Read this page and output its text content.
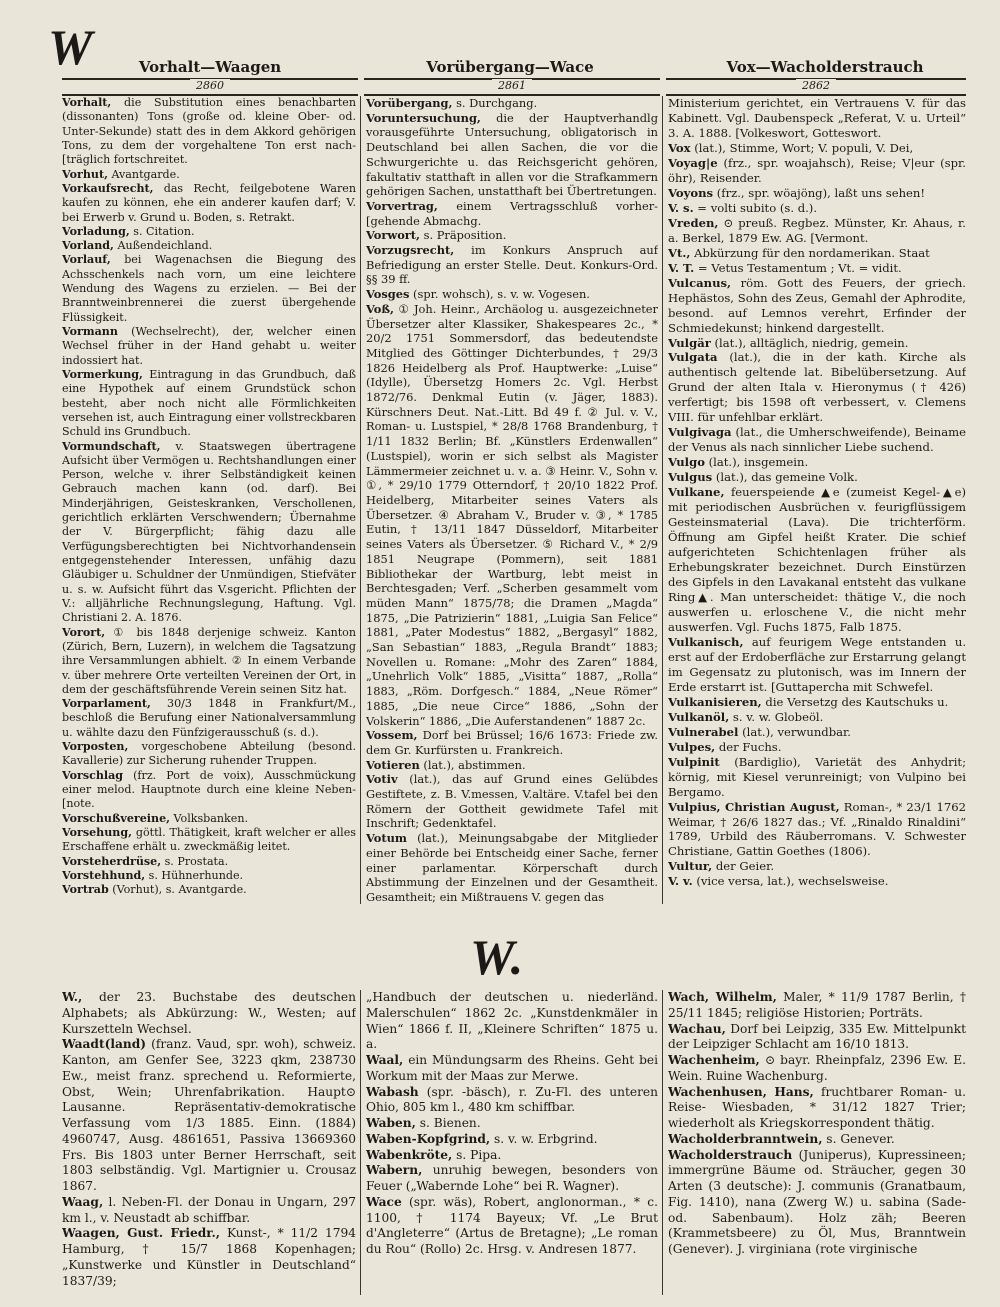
W	Vorhalt—Waagen	Vorübergang—Wace	Vox—Wacholderstrauch
2860	2861	2862

Vorhalt, die Substitution eines benachbarten (dissonanten) Tons (große od. kleine Ober- od. Unter-Sekunde) statt des in dem Akkord gehörigen Tons, zu dem der vorgehaltene Ton erst nach- [träglich fortschreitet.

Vorhut, Avantgarde.

Vorkaufsrecht, das Recht, feilgebotene Waren kaufen zu können, ehe ein anderer kaufen darf; V. bei Erwerb v. Grund u. Boden, s. Retrakt.

Vorladung, s. Citation.

Vorland, Außendeichland.

Vorlauf, bei Wagenachsen die Biegung des Achsschenkels nach vorn, um eine leichtere Wendung des Wagens zu erzielen. — Bei der Branntweinbrennerei die zuerst übergehende Flüssigkeit.

Vormann (Wechselrecht), der, welcher einen Wechsel früher in der Hand gehabt u. weiter indossiert hat.

Vormerkung, Eintragung in das Grundbuch, daß eine Hypothek auf einem Grundstück schon besteht, aber noch nicht alle Förmlichkeiten versehen ist, auch Eintragung einer vollstreckbaren Schuld ins Grundbuch.

Vormundschaft, v. Staatswegen übertragene Aufsicht über Vermögen u. Rechtshandlungen einer Person, welche v. ihrer Selbständigkeit keinen Gebrauch machen kann (od. darf). Bei Minderjährigen, Geisteskranken, Verschollenen, gerichtlich erklärten Verschwendern; Übernahme der V. Bürgerpflicht; fähig dazu alle Verfügungsberechtigten bei Nichtvorhandensein entgegenstehender Interessen, unfähig dazu Gläubiger u. Schuldner der Unmündigen, Stiefväter u. s. w. Aufsicht führt das V.sgericht. Pflichten der V.: alljährliche Rechnungslegung, Haftung. Vgl. Christiani 2. A. 1876.

Vorort, ① bis 1848 derjenige schweiz. Kanton (Zürich, Bern, Luzern), in welchem die Tagsatzung ihre Versammlungen abhielt. ② In einem Verbande v. über mehrere Orte verteilten Vereinen der Ort, in dem der geschäftsführende Verein seinen Sitz hat.

Vorparlament, 30/3 1848 in Frankfurt/M., beschloß die Berufung einer Nationalversammlung u. wählte dazu den Fünfzigerausschuß (s. d.).

Vorposten, vorgeschobene Abteilung (besond. Kavallerie) zur Sicherung ruhender Truppen.

Vorschlag (frz. Port de voix), Ausschmückung einer melod. Hauptnote durch eine kleine Neben- [note.

Vorschußvereine, Volksbanken.

Vorsehung, göttl. Thätigkeit, kraft welcher er alles Erschaffene erhält u. zweckmäßig leitet.

Vorsteherdrüse, s. Prostata.

Vorstehhund, s. Hühnerhunde.

Vortrab (Vorhut), s. Avantgarde.

Vorübergang, s. Durchgang.

Voruntersuchung, die der Hauptverhandlg vorausgeführte Untersuchung, obligatorisch in Deutschland bei allen Sachen, die vor die Schwurgerichte u. das Reichsgericht gehören, fakultativ statthaft in allen vor die Strafkammern gehörigen Sachen, unstatthaft bei Übertretungen.

Vorvertrag, einem Vertragsschluß vorher- [gehende Abmachg.

Vorwort, s. Präposition.

Vorzugsrecht, im Konkurs Anspruch auf Befriedigung an erster Stelle. Deut. Konkurs-Ord. §§ 39 ff.

Vosges (spr. wohsch), s. v. w. Vogesen.

Voß, ① Joh. Heinr., Archäolog u. ausgezeichneter Übersetzer alter Klassiker, Shakespeares 2c., * 20/2 1751 Sommersdorf, das bedeutendste Mitglied des Göttinger Dichterbundes, † 29/3 1826 Heidelberg als Prof. Hauptwerke: „Luise“ (Idylle), Übersetzg Homers 2c. Vgl. Herbst 1872/76. Denkmal Eutin (v. Jäger, 1883). Kürschners Deut. Nat.-Litt. Bd 49 f. ② Jul. v. V., Roman- u. Lustspiel, * 28/8 1768 Brandenburg, † 1/11 1832 Berlin; Bf. „Künstlers Erdenwallen“ (Lustspiel), worin er sich selbst als Magister Lämmermeier zeichnet u. v. a. ③ Heinr. V., Sohn v. ①, * 29/10 1779 Otterndorf, † 20/10 1822 Prof. Heidelberg, Mitarbeiter seines Vaters als Übersetzer. ④ Abraham V., Bruder v. ③, * 1785 Eutin, † 13/11 1847 Düsseldorf, Mitarbeiter seines Vaters als Übersetzer. ⑤ Richard V., * 2/9 1851 Neugrape (Pommern), seit 1881 Bibliothekar der Wartburg, lebt meist in Berchtesgaden; Verf. „Scherben gesammelt vom müden Mann“ 1875/78; die Dramen „Magda“ 1875, „Die Patrizierin“ 1881, „Luigia San Felice“ 1881, „Pater Modestus“ 1882, „Bergasyl“ 1882, „San Sebastian“ 1883, „Regula Brandt“ 1883; Novellen u. Romane: „Mohr des Zaren“ 1884, „Unehrlich Volk“ 1885, „Visitta“ 1887, „Rolla“ 1883, „Röm. Dorfgesch.“ 1884, „Neue Römer“ 1885, „Die neue Circe“ 1886, „Sohn der Volskerin“ 1886, „Die Auferstandenen“ 1887 2c.

Vossem, Dorf bei Brüssel; 16/6 1673: Friede zw. dem Gr. Kurfürsten u. Frankreich.

Votieren (lat.), abstimmen.

Votiv (lat.), das auf Grund eines Gelübdes Gestiftete, z. B. V.messen, V.altäre. V.tafel bei den Römern der Gottheit gewidmete Tafel mit Inschrift; Gedenktafel.

Votum (lat.), Meinungsabgabe der Mitglieder einer Behörde bei Entscheidg einer Sache, ferner einer parlamentar. Körperschaft durch Abstimmung der Einzelnen und der Gesamtheit. Gesamtheit; ein Mißtrauens V. gegen das

Ministerium gerichtet, ein Vertrauens V. für das Kabinett. Vgl. Daubenspeck „Referat, V. u. Urteil“ 3. A. 1888. [Volkeswort, Gotteswort.

Vox (lat.), Stimme, Wort; V. populi, V. Dei,

Voyag|e (frz., spr. woajahsch), Reise; V|eur (spr. öhr), Reisender.

Voyons (frz., spr. wöajöng), laßt uns sehen!

V. s. = volti subito (s. d.).

Vreden, ⊙ preuß. Regbez. Münster, Kr. Ahaus, r. a. Berkel, 1879 Ew. AG. [Vermont.

Vt., Abkürzung für den nordamerikan. Staat

V. T. = Vetus Testamentum ; Vt. = vidit.

Vulcanus, röm. Gott des Feuers, der griech. Hephästos, Sohn des Zeus, Gemahl der Aphrodite, besond. auf Lemnos verehrt, Erfinder der Schmiedekunst; hinkend dargestellt.

Vulgär (lat.), alltäglich, niedrig, gemein.

Vulgata (lat.), die in der kath. Kirche als authentisch geltende lat. Bibelübersetzung. Auf Grund der alten Itala v. Hieronymus († 426) verfertigt; bis 1598 oft verbessert, v. Clemens VIII. für unfehlbar erklärt.

Vulgivaga (lat., die Umherschweifende), Beiname der Venus als nach sinnlicher Liebe suchend.

Vulgo (lat.), insgemein.

Vulgus (lat.), das gemeine Volk.

Vulkane, feuerspeiende ▲e (zumeist Kegel-▲e) mit periodischen Ausbrüchen v. feurigflüssigem Gesteinsmaterial (Lava). Die trichterförm. Öffnung am Gipfel heißt Krater. Die schief aufgerichteten Schichtenlagen früher als Erhebungskrater bezeichnet. Durch Einstürzen des Gipfels in den Lavakanal entsteht das vulkane Ring▲. Man unterscheidet: thätige V., die noch auswerfen u. erloschene V., die nicht mehr auswerfen. Vgl. Fuchs 1875, Falb 1875.

Vulkanisch, auf feurigem Wege entstanden u. erst auf der Erdoberfläche zur Erstarrung gelangt im Gegensatz zu plutonisch, was im Innern der Erde erstarrt ist. [Guttapercha mit Schwefel.

Vulkanisieren, die Versetzg des Kautschuks u.

Vulkanöl, s. v. w. Globeöl.

Vulnerabel (lat.), verwundbar.

Vulpes, der Fuchs.

Vulpinit (Bardiglio), Varietät des Anhydrit; körnig, mit Kiesel verunreinigt; von Vulpino bei Bergamo.

Vulpius, Christian August, Roman-, * 23/1 1762 Weimar, † 26/6 1827 das.; Vf. „Rinaldo Rinaldini“ 1789, Urbild des Räuberromans. V. Schwester Christiane, Gattin Goethes (1806).

Vultur, der Geier.

V. v. (vice versa, lat.), wechselsweise.

W.

W., der 23. Buchstabe des deutschen Alphabets; als Abkürzung: W., Westen; auf Kurszetteln Wechsel.

Waadt(land) (franz. Vaud, spr. woh), schweiz. Kanton, am Genfer See, 3223 qkm, 238730 Ew., meist franz. sprechend u. Reformierte, Obst, Wein; Uhrenfabrikation. Haupt⊙ Lausanne. Repräsentativ-demokratische Verfassung vom 1/3 1885. Einn. (1884) 4960747, Ausg. 4861651, Passiva 13669360 Frs. Bis 1803 unter Berner Herrschaft, seit 1803 selbständig. Vgl. Martignier u. Crousaz 1867.

Waag, l. Neben-Fl. der Donau in Ungarn, 297 km l., v. Neustadt ab schiffbar.

Waagen, Gust. Friedr., Kunst-, * 11/2 1794 Hamburg, † 15/7 1868 Kopenhagen; „Kunstwerke und Künstler in Deutschland“ 1837/39;

„Handbuch der deutschen u. niederländ. Malerschulen“ 1862 2c. „Kunstdenkmäler in Wien“ 1866 f. II, „Kleinere Schriften“ 1875 u. a.

Waal, ein Mündungsarm des Rheins. Geht bei Workum mit der Maas zur Merwe.

Wabash (spr. -bäsch), r. Zu-Fl. des unteren Ohio, 805 km l., 480 km schiffbar.

Waben, s. Bienen.

Waben-Kopfgrind, s. v. w. Erbgrind.

Wabenkröte, s. Pipa.

Wabern, unruhig bewegen, besonders von Feuer („Wabernde Lohe“ bei R. Wagner).

Wace (spr. wäs), Robert, anglonorman., * c. 1100, † 1174 Bayeux; Vf. „Le Brut d'Angleterre“ (Artus de Bretagne); „Le roman du Rou“ (Rollo) 2c. Hrsg. v. Andresen 1877.

Wach, Wilhelm, Maler, * 11/9 1787 Berlin, † 25/11 1845; religiöse Historien; Porträts.

Wachau, Dorf bei Leipzig, 335 Ew. Mittelpunkt der Leipziger Schlacht am 16/10 1813.

Wachenheim, ⊙ bayr. Rheinpfalz, 2396 Ew. E. Wein. Ruine Wachenburg.

Wachenhusen, Hans, fruchtbarer Roman- u. Reise- Wiesbaden, * 31/12 1827 Trier; wiederholt als Kriegskorrespondent thätig.

Wacholderbranntwein, s. Genever.

Wacholderstrauch (Juniperus), Kupressineen; immergrüne Bäume od. Sträucher, gegen 30 Arten (3 deutsche): J. communis (Granatbaum, Fig. 1410), nana (Zwerg W.) u. sabina (Sade- od. Sabenbaum). Holz zäh; Beeren (Krammetsbeere) zu Öl, Mus, Branntwein (Genever). J. virginiana (rote virginische
